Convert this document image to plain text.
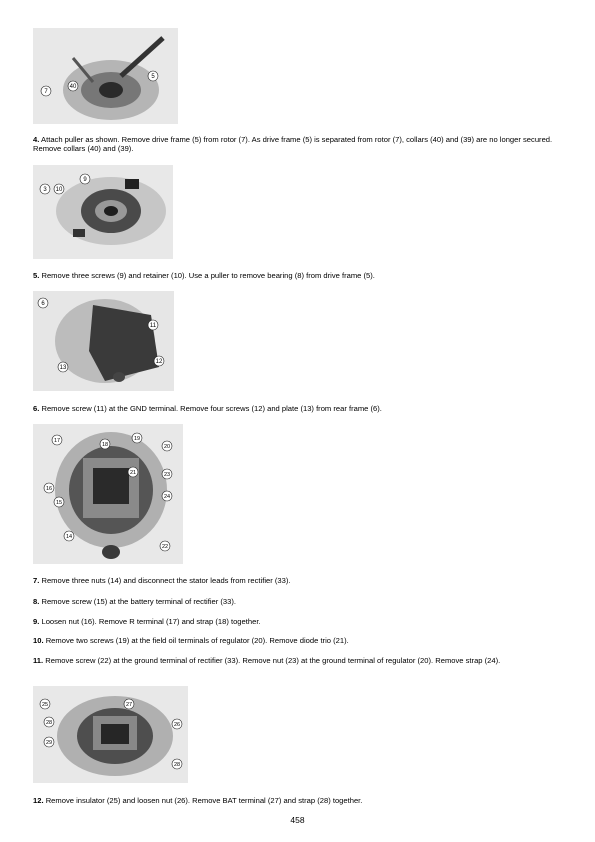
5
7
40

4. Attach puller as shown. Remove drive frame (5) from rotor (7). As drive frame (5) is separated from rotor (7), collars (40) and (39) are no longer secured. Remove collars (40) and (39).

3 10
9

5. Remove three screws (9) and retainer (10). Use a puller to remove bearing (8) from drive frame (5).

6
11
12
13

6. Remove screw (11) at the GND terminal. Remove four screws (12) and plate (13) from rear frame (6).

17
18
19
20
21	23
24
16
15
14
22

7. Remove three nuts (14) and disconnect the stator leads from rectifier (33).

8. Remove screw (15) at the battery terminal of rectifier (33).

9. Loosen nut (16). Remove R terminal (17) and strap (18) together.

10. Remove two screws (19) at the field oil terminals of regulator (20). Remove diode trio (21).

11. Remove screw (22) at the ground terminal of rectifier (33). Remove nut (23) at the ground terminal of regulator (20). Remove strap (24).

25	27
28	26
29
28

12. Remove insulator (25) and loosen nut (26). Remove BAT terminal (27) and strap (28) together.

458
